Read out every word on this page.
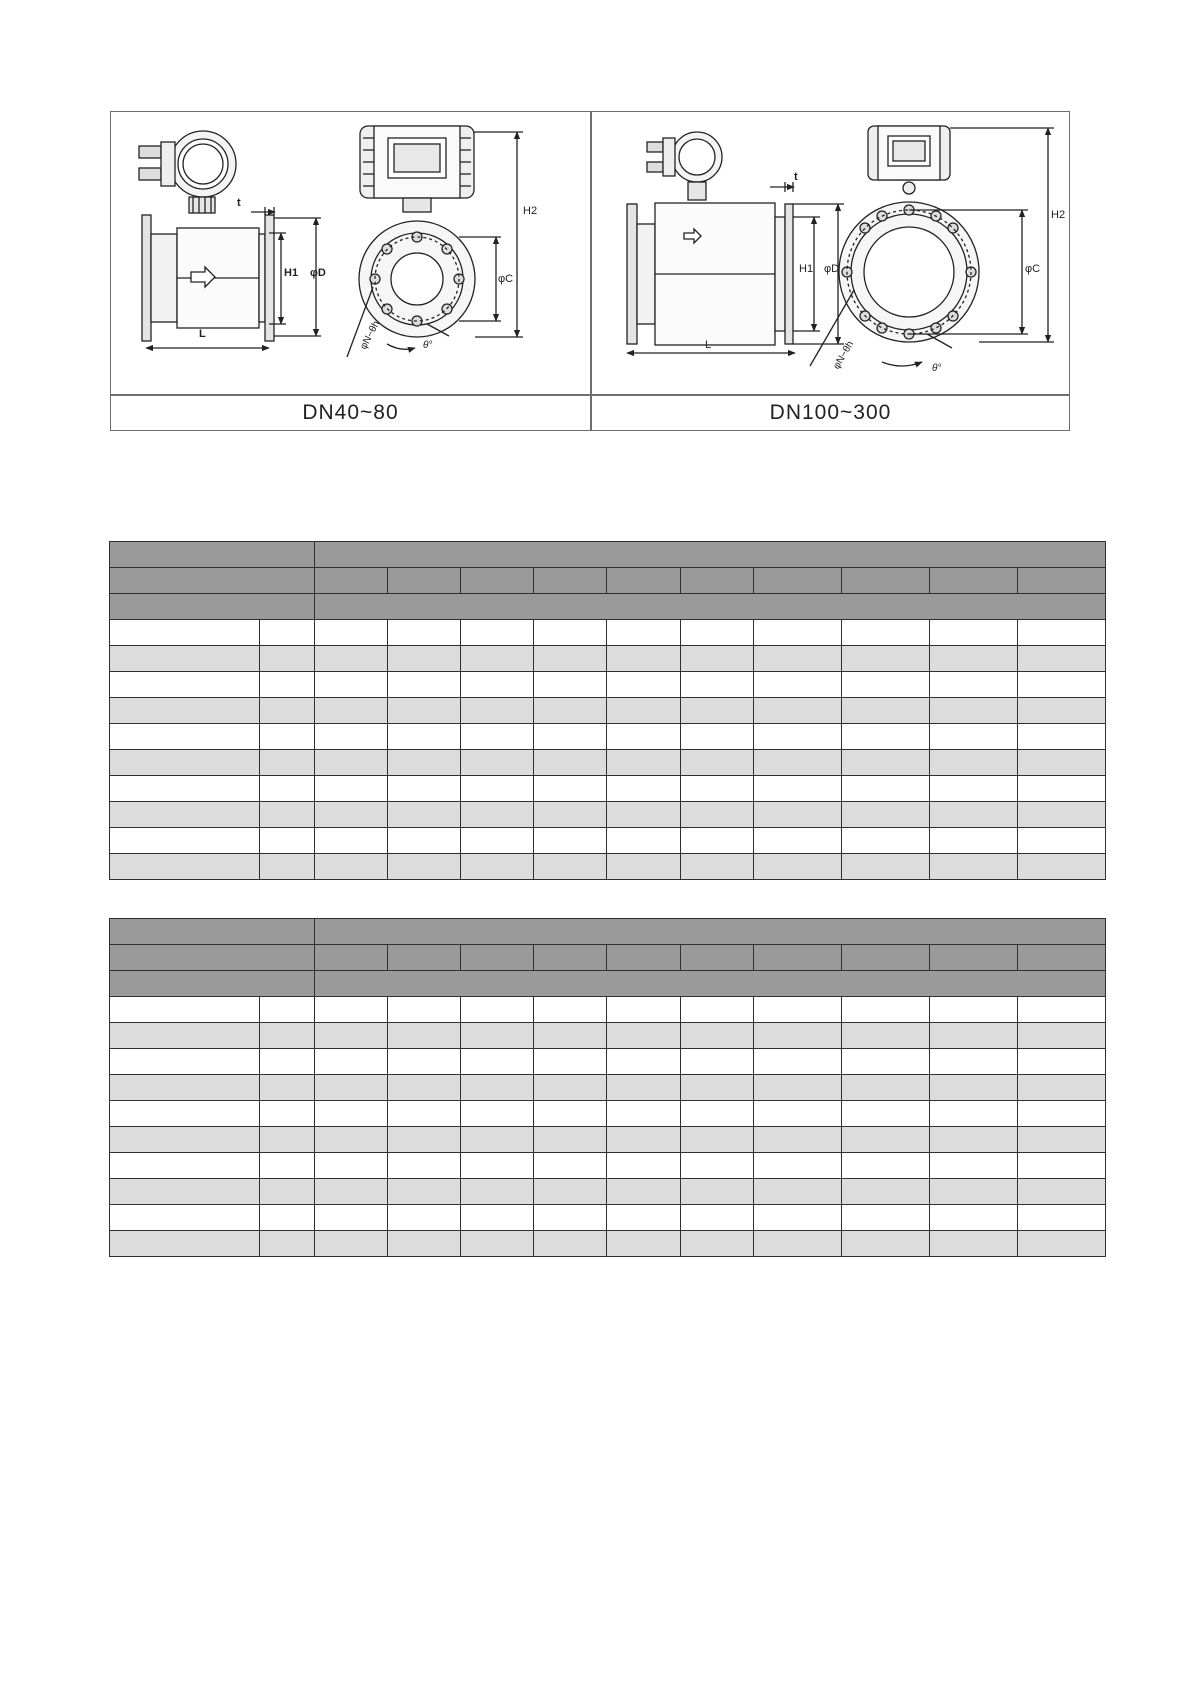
DN40~80	DN100~300
t
H1 φD
L
H2
φC
φN−θh	θ°
t
H1 φD
L
H2
φC
φN−θh	θ°
